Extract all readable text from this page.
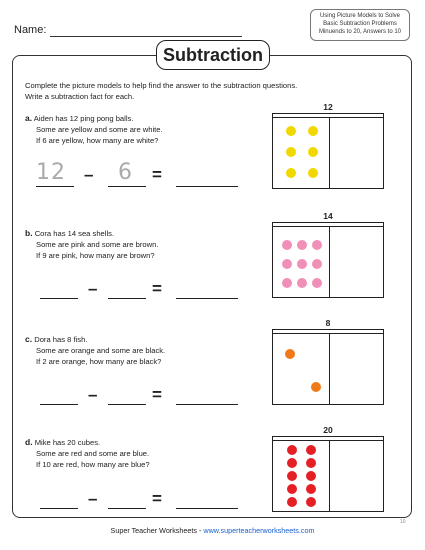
Name:
Using Picture Models to Solve
Basic Subtraction Problems
Minuends to 20, Answers to 10
Subtraction
Complete the picture models to help find the answer to the subtraction questions.
Write a subtraction fact for each.
a. Aiden has 12 ping pong balls.
Some are yellow and some are white.
If 6 are yellow, how many are white?
12 – 6 =
12
b. Cora has 14 sea shells.
Some are pink and some are brown.
If 9 are pink, how many are brown?
–	=
14
c. Dora has 8 fish.
Some are orange and some are black.
If 2 are orange, how many are black?
–	=
8
d. Mike has 20 cubes.
Some are red and some are blue.
If 10 are red, how many are blue?
–	=
20
Super Teacher Worksheets - www.superteacherworksheets.com
10
